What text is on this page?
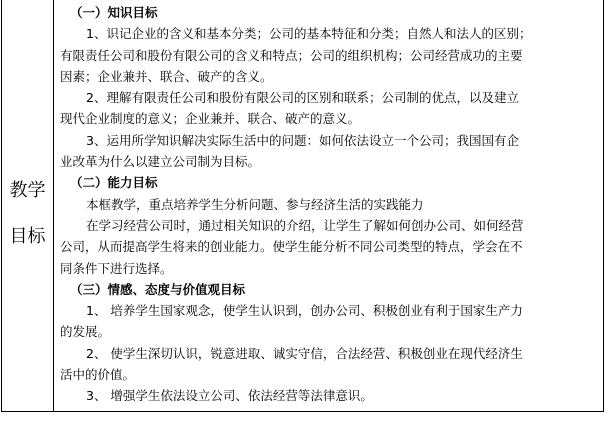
教学
目标
（一）知识目标
1、识记企业的含义和基本分类；公司的基本特征和分类；自然人和法人的区别；
有限责任公司和股份有限公司的含义和特点；公司的组织机构；公司经营成功的主要
因素；企业兼并、联合、破产的含义。
2、理解有限责任公司和股份有限公司的区别和联系；公司制的优点，以及建立
现代企业制度的意义；企业兼并、联合、破产的意义。
3、运用所学知识解决实际生活中的问题：如何依法设立一个公司；我国国有企
业改革为什么以建立公司制为目标。
（二）能力目标
本框教学，重点培养学生分析问题、参与经济生活的实践能力
在学习经营公司时，通过相关知识的介绍，让学生了解如何创办公司、如何经营
公司，从而提高学生将来的创业能力。使学生能分析不同公司类型的特点，学会在不
同条件下进行选择。
（三）情感、态度与价值观目标
1、 培养学生国家观念，使学生认识到，创办公司、积极创业有利于国家生产力
的发展。
2、 使学生深切认识，锐意进取、诚实守信，合法经营、积极创业在现代经济生
活中的价值。
3、 增强学生依法设立公司、依法经营等法律意识。
